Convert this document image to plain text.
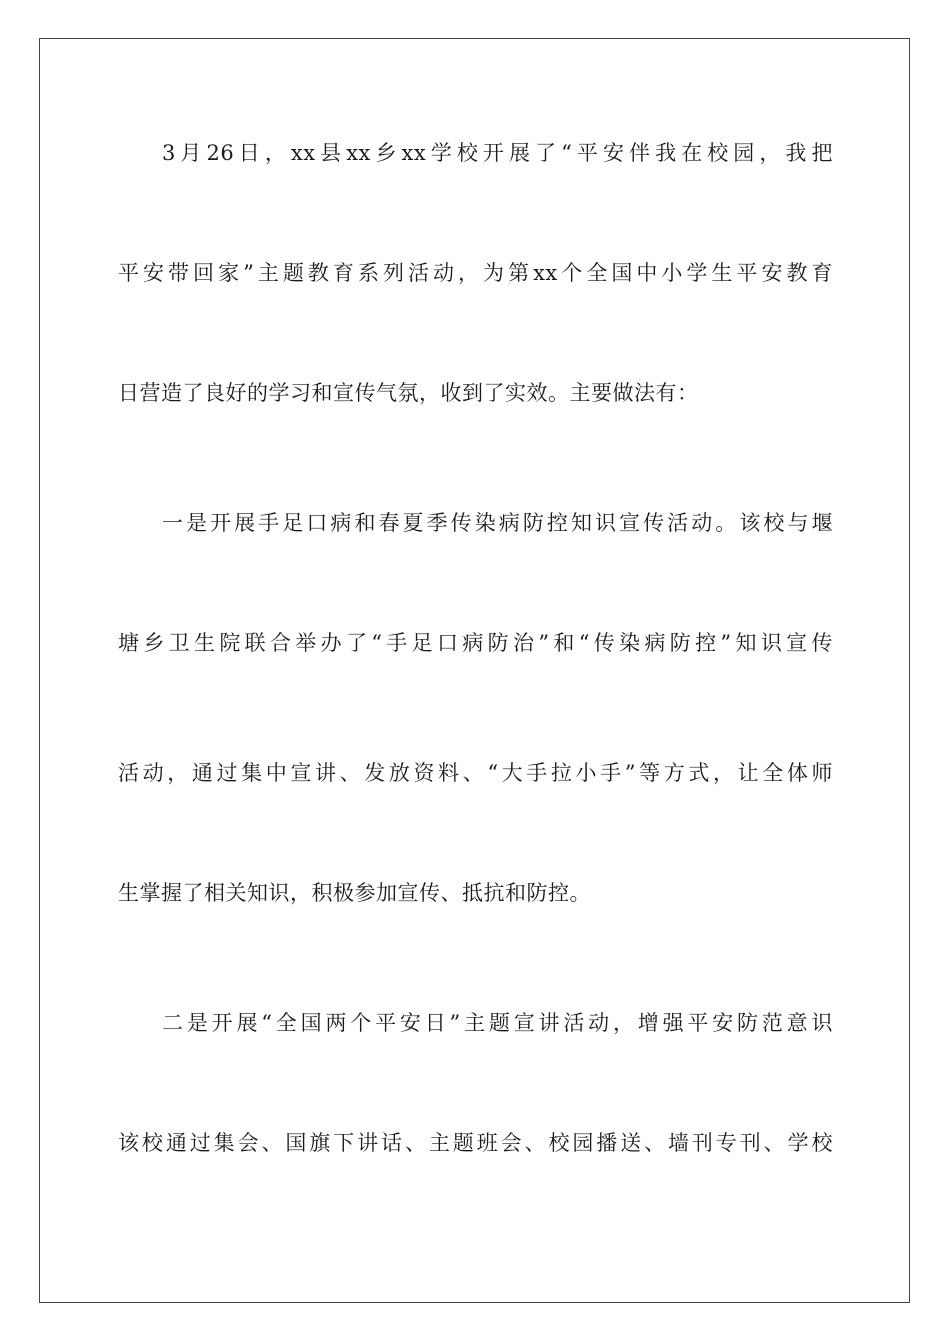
3月26日，xx县xx乡xx学校开展了“平安伴我在校园，我把
平安带回家”主题教育系列活动，为第xx个全国中小学生平安教育
日营造了良好的学习和宣传气氛，收到了实效。主要做法有：
一是开展手足口病和春夏季传染病防控知识宣传活动。该校与堰
塘乡卫生院联合举办了“手足口病防治”和“传染病防控”知识宣传
活动，通过集中宣讲、发放资料、“大手拉小手”等方式，让全体师
生掌握了相关知识，积极参加宣传、抵抗和防控。
二是开展“全国两个平安日”主题宣讲活动，增强平安防范意识
该校通过集会、国旗下讲话、主题班会、校园播送、墙刊专刊、学校
